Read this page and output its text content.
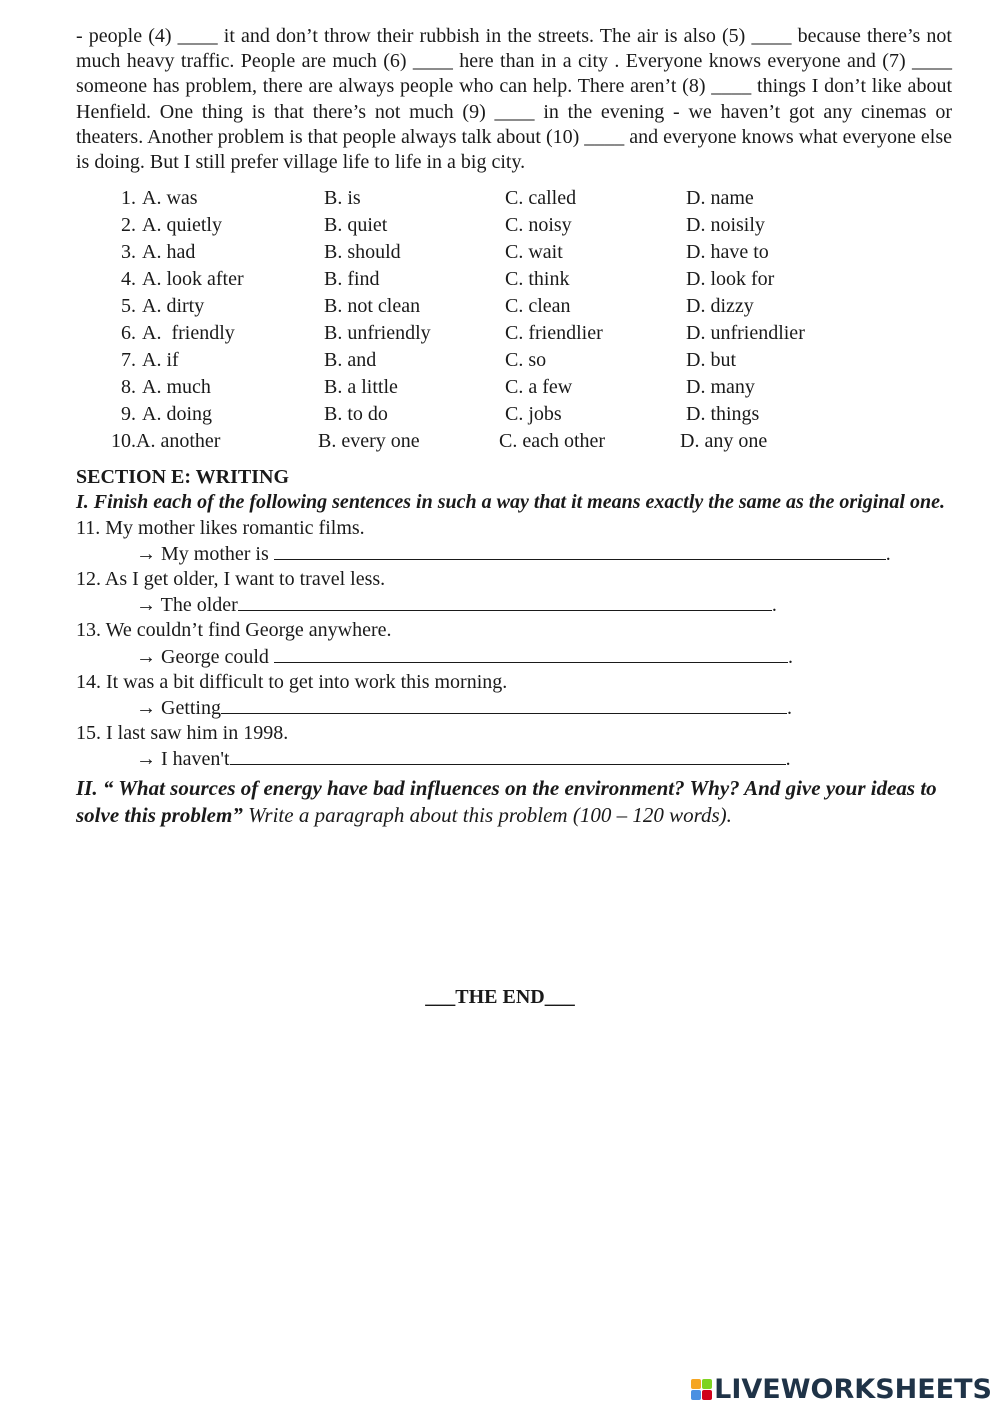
- people (4) ____ it and don’t throw their rubbish in the streets. The air is also (5) ____ because there’s not much heavy traffic. People are much (6) ____ here than in a city . Everyone knows everyone and (7) ____ someone has problem, there are always people who can help. There aren’t (8) ____ things I don’t like about Henfield. One thing is that there’s not much (9) ____ in the evening - we haven’t got any cinemas or theaters. Another problem is that people always talk about (10) ____ and everyone knows what everyone else is doing. But I still prefer village life to life in a big city.

1. A. was	B. is	C. called	D. name
2. A. quietly	B. quiet	C. noisy	D. noisily
3. A. had	B. should	C. wait	D. have to
4. A. look after	B. find	C. think	D. look for
5. A. dirty	B. not clean	C. clean	D. dizzy
6. A.  friendly	B. unfriendly	C. friendlier	D. unfriendlier
7. A. if	B. and	C. so	D. but
8. A. much	B. a little	C. a few	D. many
9. A. doing	B. to do	C. jobs	D. things
10. A. another	B. every one	C. each other	D. any one
SECTION E: WRITING
I. Finish each of the following sentences in such a way that it means exactly the same as the original one.
11. My mother likes romantic films.
→ My mother is	.
12. As I get older, I want to travel less.
→ The older	.
13. We couldn’t find George anywhere.
→ George could	.
14. It was a bit difficult to get into work this morning.
→ Getting	.
15. I last saw him in 1998.
→ I haven't	.
II. “ What sources of energy have bad influences on the environment? Why? And give your ideas to solve this problem” Write a paragraph about this problem (100 – 120 words).
___THE END___
LIVEWORKSHEETS
